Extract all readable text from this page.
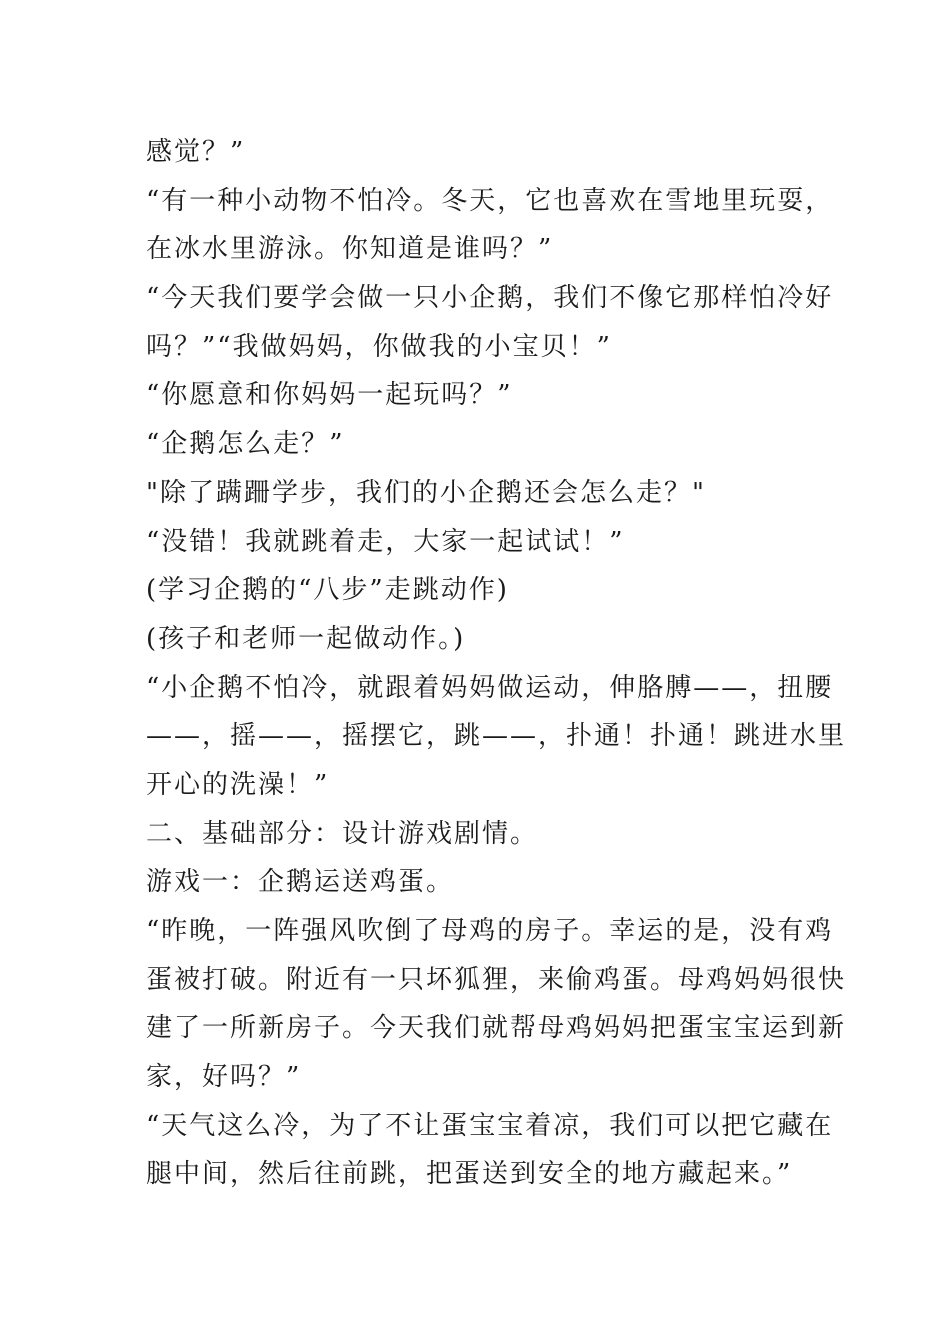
感觉？”
“有一种小动物不怕冷。冬天，它也喜欢在雪地里玩耍，
在冰水里游泳。你知道是谁吗？”
“今天我们要学会做一只小企鹅，我们不像它那样怕冷好
吗？”“我做妈妈，你做我的小宝贝！”
“你愿意和你妈妈一起玩吗？”
“企鹅怎么走？”
"除了蹒跚学步，我们的小企鹅还会怎么走？"
“没错！我就跳着走，大家一起试试！”
(学习企鹅的“八步”走跳动作)
(孩子和老师一起做动作。)
“小企鹅不怕冷，就跟着妈妈做运动，伸胳膊——，扭腰
——，摇——，摇摆它，跳——，扑通！扑通！跳进水里
开心的洗澡！”
二、基础部分：设计游戏剧情。
游戏一：企鹅运送鸡蛋。
“昨晚，一阵强风吹倒了母鸡的房子。幸运的是，没有鸡
蛋被打破。附近有一只坏狐狸，来偷鸡蛋。母鸡妈妈很快
建了一所新房子。今天我们就帮母鸡妈妈把蛋宝宝运到新
家，好吗？”
“天气这么冷，为了不让蛋宝宝着凉，我们可以把它藏在
腿中间，然后往前跳，把蛋送到安全的地方藏起来。”
